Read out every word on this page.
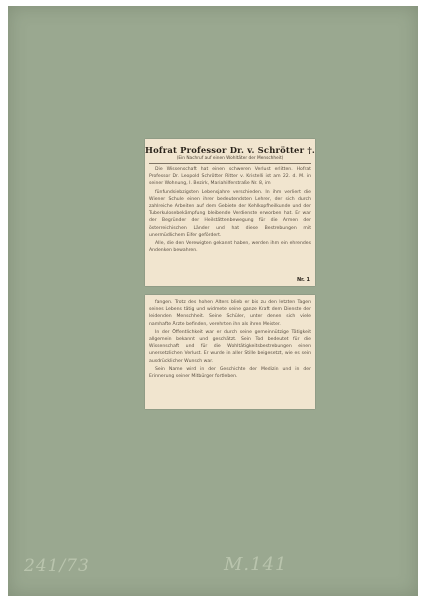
Hofrat Professor Dr. v. Schrötter †.
(Ein Nachruf auf einen Wohltäter der Menschheit)

Die Wissenschaft hat einen schweren Verlust erlitten. Hofrat Professor Dr. Leopold Schrötter Ritter v. Kristelli ist am 22. d. M. in seiner Wohnung, I. Bezirk, Mariahilferstraße Nr. 8, im

fünfundsiebzigsten Lebensjahre verschieden. In ihm verliert die Wiener Schule einen ihrer bedeutendsten Lehrer, der sich durch zahlreiche Arbeiten auf dem Gebiete der Kehlkopfheilkunde und der Tuberkulosebekämpfung bleibende Verdienste erworben hat. Er war der Begründer der Heilstättenbewegung für die Armen der österreichischen Länder und hat diese Bestrebungen mit unermüdlichem Eifer gefördert.

Alle, die den Verewigten gekannt haben, werden ihm ein ehrendes Andenken bewahren.

Nr. 1

fangen. Trotz des hohen Alters blieb er bis zu den letzten Tagen seines Lebens tätig und widmete seine ganze Kraft dem Dienste der leidenden Menschheit. Seine Schüler, unter denen sich viele namhafte Ärzte befinden, verehrten ihn als ihren Meister.

In der Öffentlichkeit war er durch seine gemeinnützige Tätigkeit allgemein bekannt und geschätzt. Sein Tod bedeutet für die Wissenschaft und für die Wohltätigkeitsbestrebungen einen unersetzlichen Verlust. Er wurde in aller Stille beigesetzt, wie es sein ausdrücklicher Wunsch war.

Sein Name wird in der Geschichte der Medizin und in der Erinnerung seiner Mitbürger fortleben.

241/73	M.141
